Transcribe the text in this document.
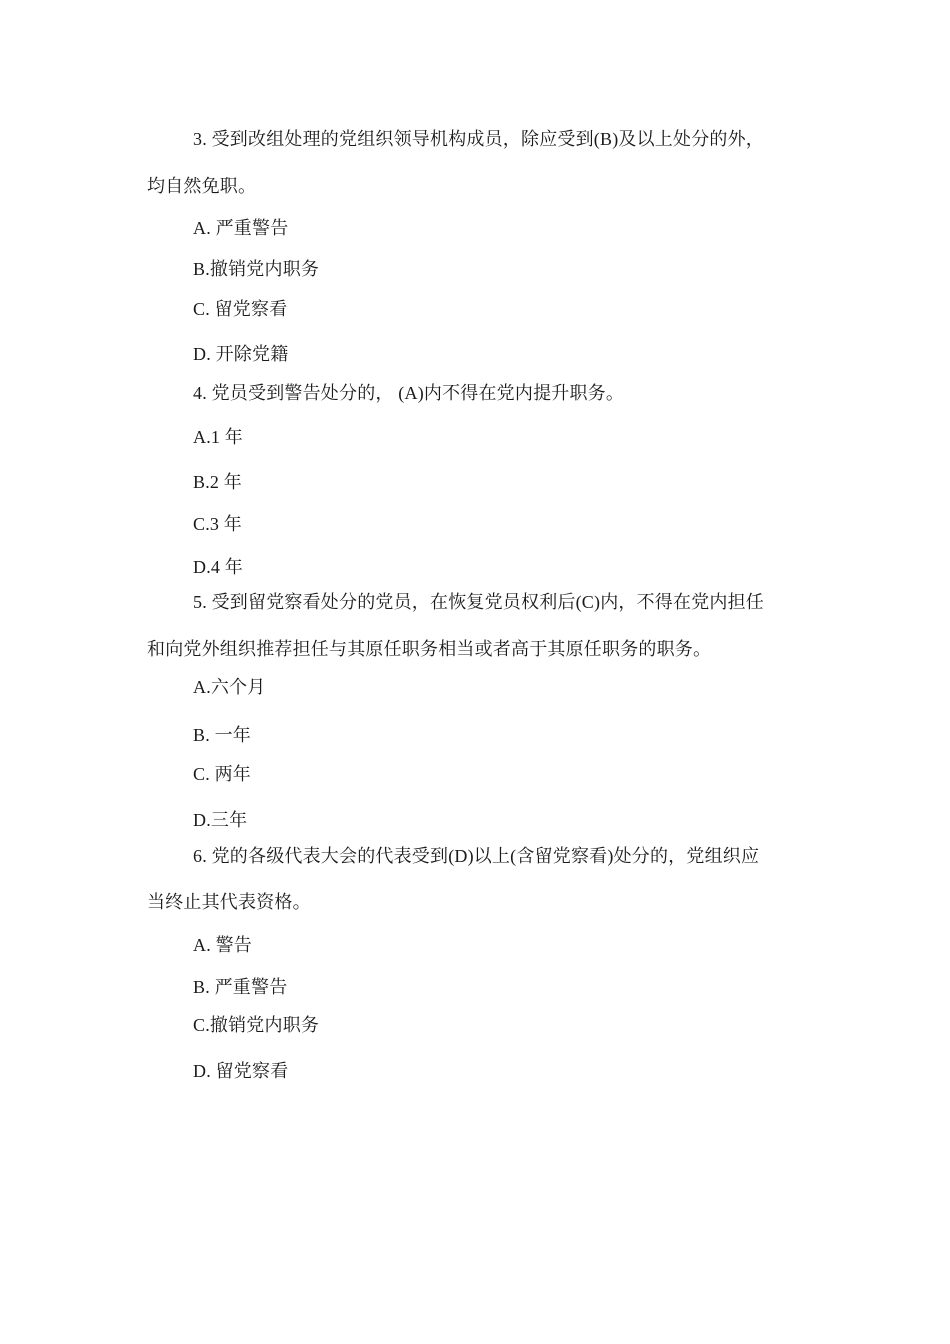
3. 受到改组处理的党组织领导机构成员，除应受到(B)及以上处分的外，
均自然免职。
A. 严重警告
B.撤销党内职务
C. 留党察看
D. 开除党籍
4. 党员受到警告处分的， (A)内不得在党内提升职务。
A.1 年
B.2 年
C.3 年
D.4 年
5. 受到留党察看处分的党员，在恢复党员权利后(C)内，不得在党内担任
和向党外组织推荐担任与其原任职务相当或者高于其原任职务的职务。
A.六个月
B. 一年
C. 两年
D.三年
6. 党的各级代表大会的代表受到(D)以上(含留党察看)处分的，党组织应
当终止其代表资格。
A. 警告
B. 严重警告
C.撤销党内职务
D. 留党察看
